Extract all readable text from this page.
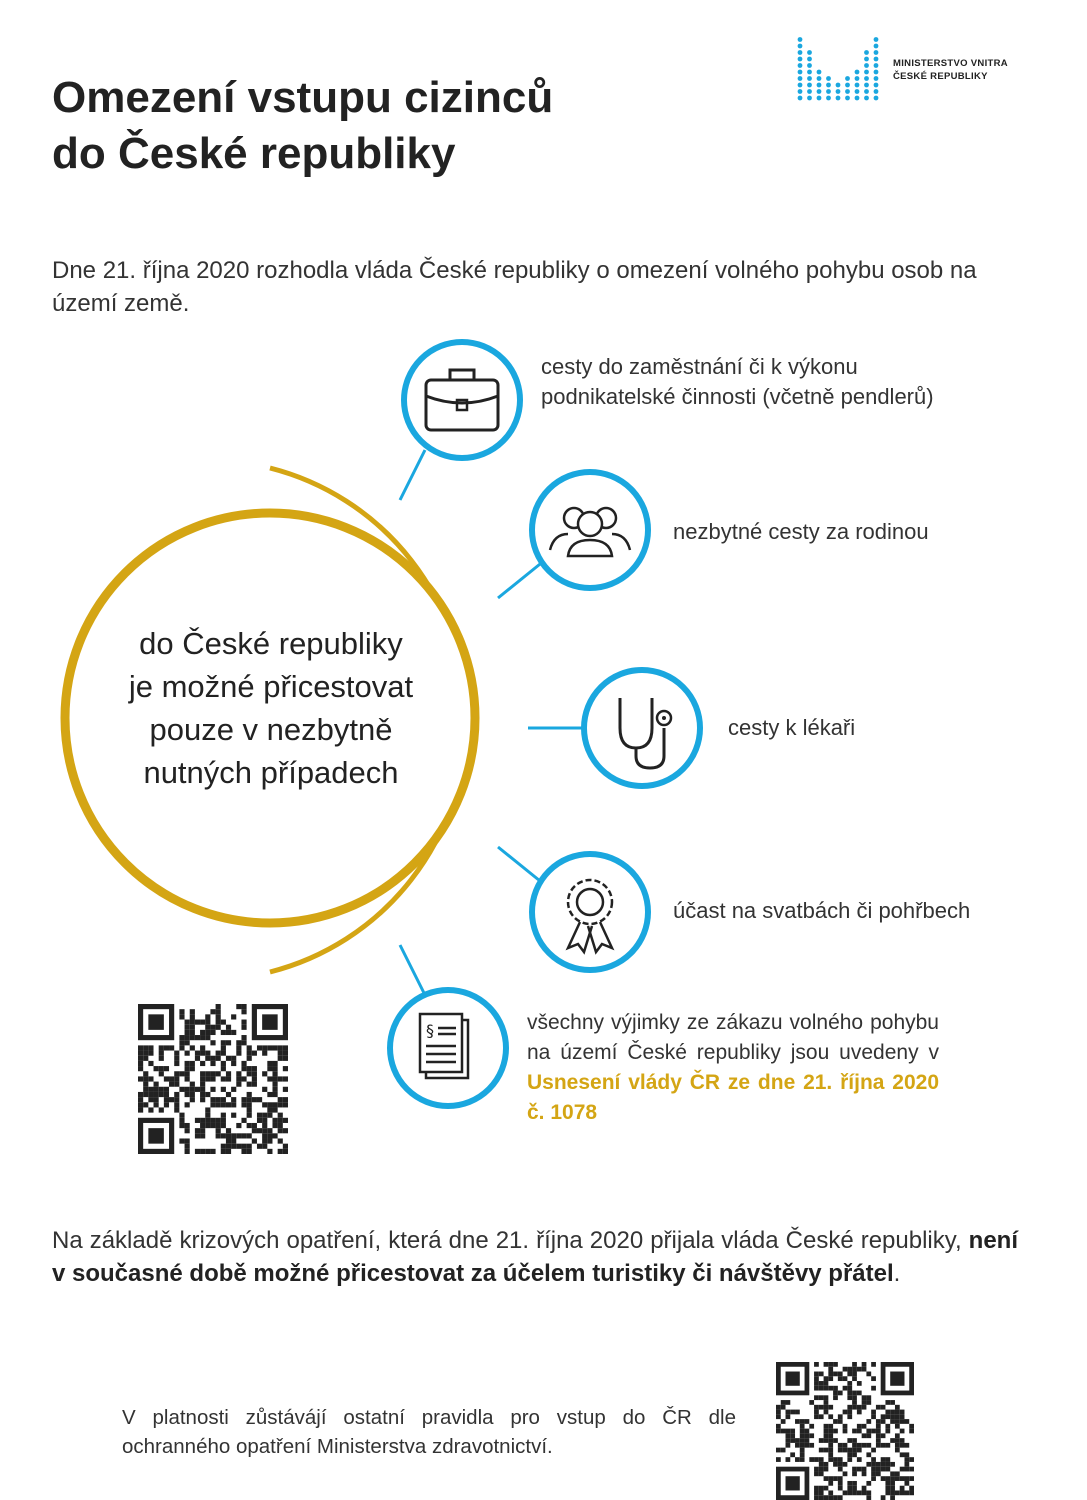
Omezení vstupu cizinců
do České republiky
MINISTERSTVO VNITRA
ČESKÉ REPUBLIKY
Dne 21. října 2020 rozhodla vláda České republiky o omezení volného pohybu osob na území země.
§
do České republiky
je možné přicestovat
pouze v nezbytně
nutných případech
cesty do zaměstnání či k výkonu
podnikatelské činnosti (včetně pendlerů)
nezbytné cesty za rodinou
cesty k lékaři
účast na svatbách či pohřbech
všechny výjimky ze zákazu volného pohybu na území České republiky jsou uvedeny v Usnesení vlády ČR ze dne 21. října 2020 č. 1078
Na základě krizových opatření, která dne 21. října 2020 přijala vláda České republiky, není v současné době možné přicestovat za účelem turistiky či návštěvy přátel.
V platnosti zůstávájí ostatní pravidla pro vstup do ČR dle ochranného opatření Ministerstva zdravotnictví.
